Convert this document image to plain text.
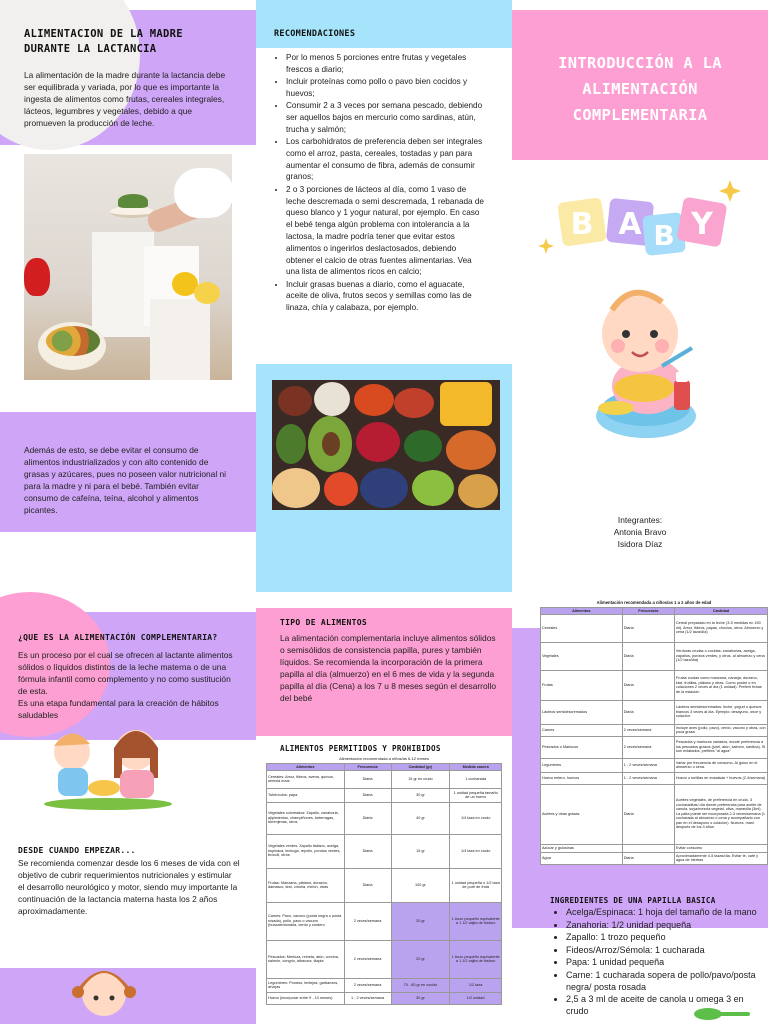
ALIMENTACION DE LA MADRE DURANTE LA LACTANCIA
La alimentación de la madre durante la lactancia debe ser equilibrada y variada, por lo que es importante la ingesta de alimentos como frutas, cereales integrales, lácteos, legumbres y vegetales, debido a que promueven la producción de leche.
Además de esto, se debe evitar el consumo de alimentos industrializados y con alto contenido de grasas y azúcares, pues no poseen valor nutricional ni para la madre y ni para el bebé. También evitar consumo de cafeína, teína, alcohol y alimentos picantes.
RECOMENDACIONES
• Por lo menos 5 porciones entre frutas y vegetales frescos a diario;
• Incluir proteínas como pollo o pavo bien cocidos y huevos;
• Consumir 2 a 3 veces por semana pescado, debiendo ser aquellos bajos en mercurio como sardinas, atún, trucha y salmón;
• Los carbohidratos de preferencia deben ser integrales como el arroz, pasta, cereales, tostadas y pan para aumentar el consumo de fibra, además de consumir granos;
• 2 o 3 porciones de lácteos al día, como 1 vaso de leche descremada o semi descremada, 1 rebanada de queso blanco y 1 yogur natural, por ejemplo. En caso el bebé tenga algún problema con intolerancia a la lactosa, la madre podría tener que evitar estos alimentos o ingerirlos deslactosados, debiendo obtener el calcio de otras fuentes alimentarias. Vea una lista de alimentos ricos en calcio;
• Incluir grasas buenas a diario, como el aguacate, aceite de oliva, frutos secos y semillas como las de linaza, chía y calabaza, por ejemplo.
INTRODUCCIÓN A LA ALIMENTACIÓN COMPLEMENTARIA
B A B Y
Integrantes:
Antonia Bravo
Isidora Díaz
¿QUE ES LA ALIMENTACIÓN COMPLEMENTARIA?
Es un proceso por el cual se ofrecen al lactante alimentos sólidos o líquidos distintos de la leche materna o de una fórmula infantil como complemento y no como sustitución de esta.
Es una etapa fundamental para la creación de hábitos saludables
DESDE CUANDO EMPEZAR...
Se recomienda comenzar desde los 6 meses de vida con el objetivo de cubrir requerimientos nutricionales y estimular el desarrollo neurológico y motor, siendo muy importante la continuación de la lactancia materna hasta los 2 años aproximadamente.
TIPO DE ALIMENTOS
La alimentación complementaria incluye alimentos sólidos o semisólidos de consistencia papilla, pures y también líquidos. Se recomienda la incorporación de la primera papilla al día (almuerzo) en el 6 mes de vida y la segunda papilla al día (Cena) a los 7 u 8 meses según el desarrollo del bebé
ALIMENTOS PERMITIDOS Y PROHIBIDOS
Alimentación recomendada a niños/as 6-12 meses
Alimentos	Frecuencia	Cantidad (gr)	Medida casera
Cereales: Arroz, fideos, avena, quínoa, sémola maíz.	Diaria	15 gr en crudo	1 cucharada
Tubérculos: papa	Diaria	30 gr	1 unidad pequeña tamaño de un huevo
Vegetales coloreados: Zapallo, zanahoria, ajipimientos, champiñones, beterragas, berenjenas, otros	Diaria	40 gr	1/4 taza en crudo
Vegetales verdes: Zapallo italiano, acelga, espinaca, lechuga, repollo, porotos verdes, brócoli, otros	Diaria	15 gr	1/4 taza en crudo
Frutas: Manzana, plátano, durazno, damasco, kiwi, ciruela, melón, otras	Diaria	100 gr	1 unidad pequeña o 1/2 taza de puré de fruta
Carnes: Pavo, vacuno (posta negra o posta rosada), pollo, pavo o vacuno (huacalentonaria, cerdo y cordero	2 veces/semana	20 gr	1 trozo pequeño equivalente a 1 1/2 cajita de fósforo
Pescados: Merluza, reineta, atún, corvina, salmón, congrio, albacora, tilapia	2 veces/semana	20 gr	1 trozo pequeño equivalente a 1 1/2 cajita de fósforo
Legumbres: Porotos, lentejas, garbanzos, arvejas	2 veces/semana	70 - 80 gr en cocido	1/2 taza
Huevo (incorporar entre 9 - 10 meses)	1 - 2 veces/semana	30 gr	1/2 unidad
Alimentación recomendada a niños/as 1 a 2 años de edad
Alimentos	Frecuencia	Cantidad
Cereales	Diaria	Cereal preparado en la leche (3-5 medidas en 150 ml). Arroz, fideos, papas, choclos, otros. Almuerzo y cena (1/2 taza/día)
Vegetales	Diaria	Verduras crudas o cocidas: zanahorias, acelga, zapallos, porotos verdes, y otros. al almuerzo y cena (1/2 taza/día)
Frutas	Diaria	Frutas crudas como manzana, naranja, durazno, kiwi, frutillas, plátano y otras. Como postre o en colaciones 2 veces al día (1 unidad). Preferir frutas de la estación
Lácteos semidescremados	Diaria	Lácteos semidescremados: leche, yogurt o quesos blancos 3 veces al día. Ejemplo: desayuno, once y colación.
Carnes	2 veces/semana	Incluye aves (pollo, pavo), cerdo, vacuno y otras, con poca grasa
Pescados o Mariscos	2 veces/semana	Pescados y mariscos variados, donde preferencia a los pescados grasos (jurel, atún, salmón, sardina). Si son enlatados, prefiera "al agua"
Legumbres	1 - 2 veces/semana	Variar por frecuencia de consumo. Al guiso en el almuerzo o cena.
Huevo entero, huevos	1 - 2 veces/semana	Huevo o tortillas en ensalada + huevos (2-4/semana)
Aceites y otras grasas	Diaria	Aceites vegetales, de preferencia en crudo. 3 cucharaditas/ día donde preferencia para aceite de canola, soya/mezcla vegetal, oliva, maravilla (3ml). La palta puede ser incorporada 2-3 veces/semana (1 cucharada al almuerzo o cena y acompañado con pan en el desayuno o colación). Nueces, maní después de los 3 años
Azúcar y golosinas		Evitar consumo
Agua	Diaria	Aproximadamente 4-5 tazas/día. Evitar té, café y agua de hierbas
INGREDIENTES DE UNA PAPILLA BASICA
• Acelga/Espinaca: 1 hoja del tamaño de la mano
• Zanahoria: 1/2 unidad pequeña
• Zapallo: 1 trozo pequeño
• Fideos/Arroz/Sémola: 1 cucharada
• Papa: 1 unidad pequeña
• Carne: 1 cucharada sopera de pollo/pavo/posta negra/ posta rosada
• 2,5 a 3 ml de aceite de canola u omega 3 en crudo
